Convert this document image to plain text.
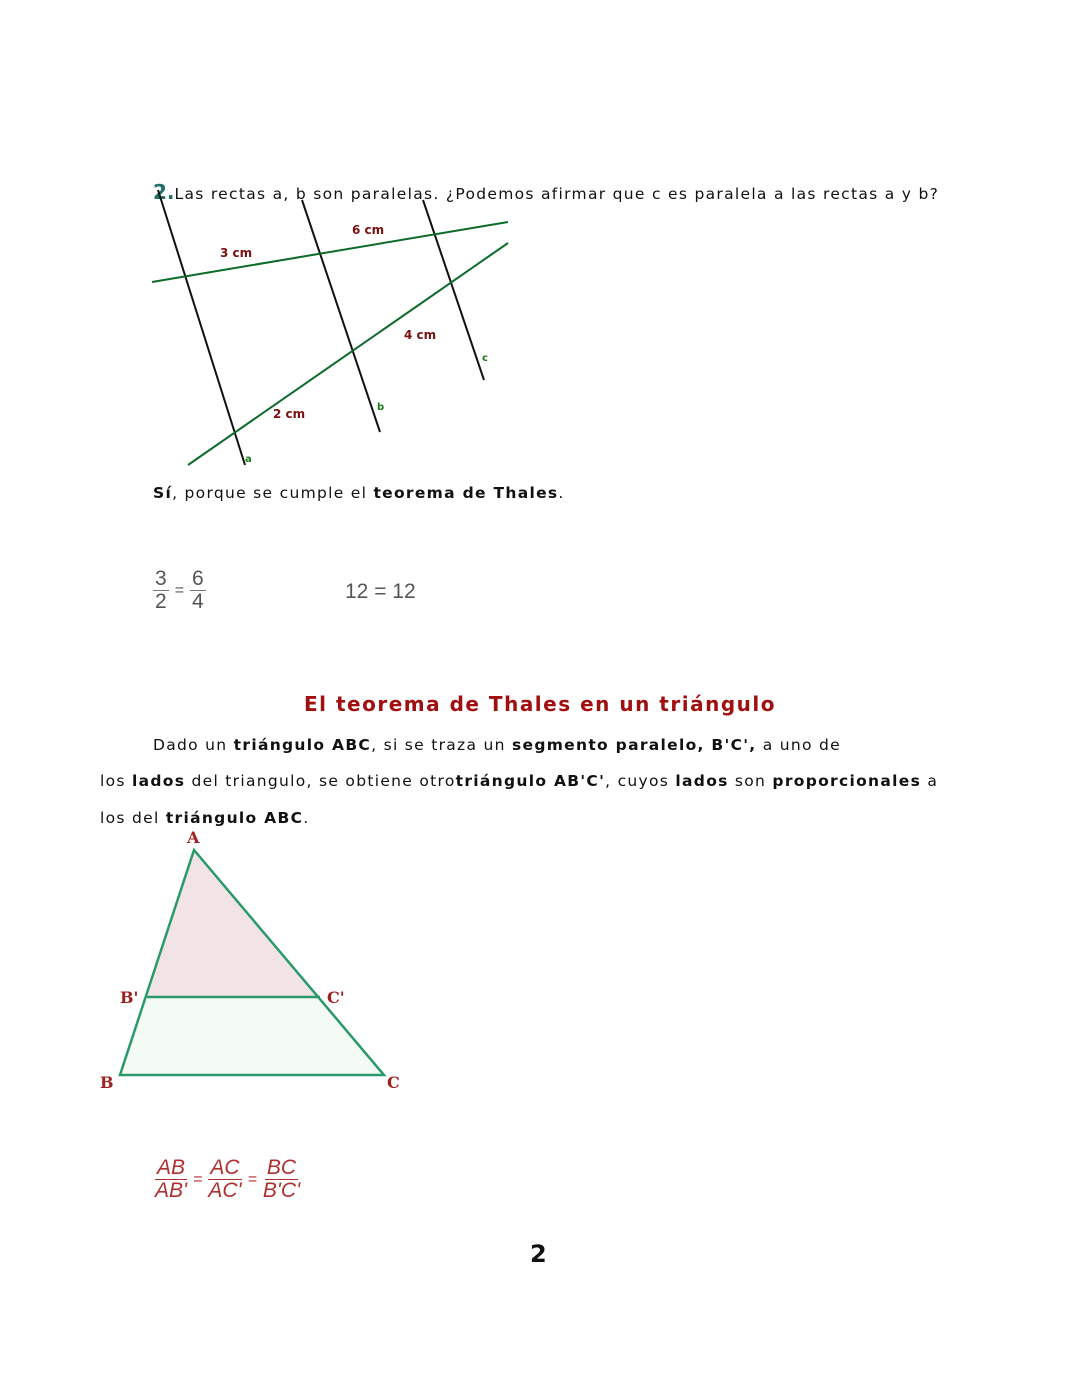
2.Las rectas a, b son paralelas. ¿Podemos afirmar que c es paralela a las rectas a y b?
3 cm
6 cm
4 cm
2 cm
a
b
c
A
B'	C'
B	C
Sí, porque se cumple el teorema de Thales.
$\frac{3}{2} = \frac{6}{4}$	12 = 12
El teorema de Thales en un triángulo
Dado un triángulo ABC, si se traza un segmento paralelo, B'C', a uno de
los lados del triangulo, se obtiene otrotriángulo AB'C', cuyos lados son proporcionales a
los del triángulo ABC.
$\frac{AB}{AB'} = \frac{AC}{AC'} = \frac{BC}{B'C'}$
2
